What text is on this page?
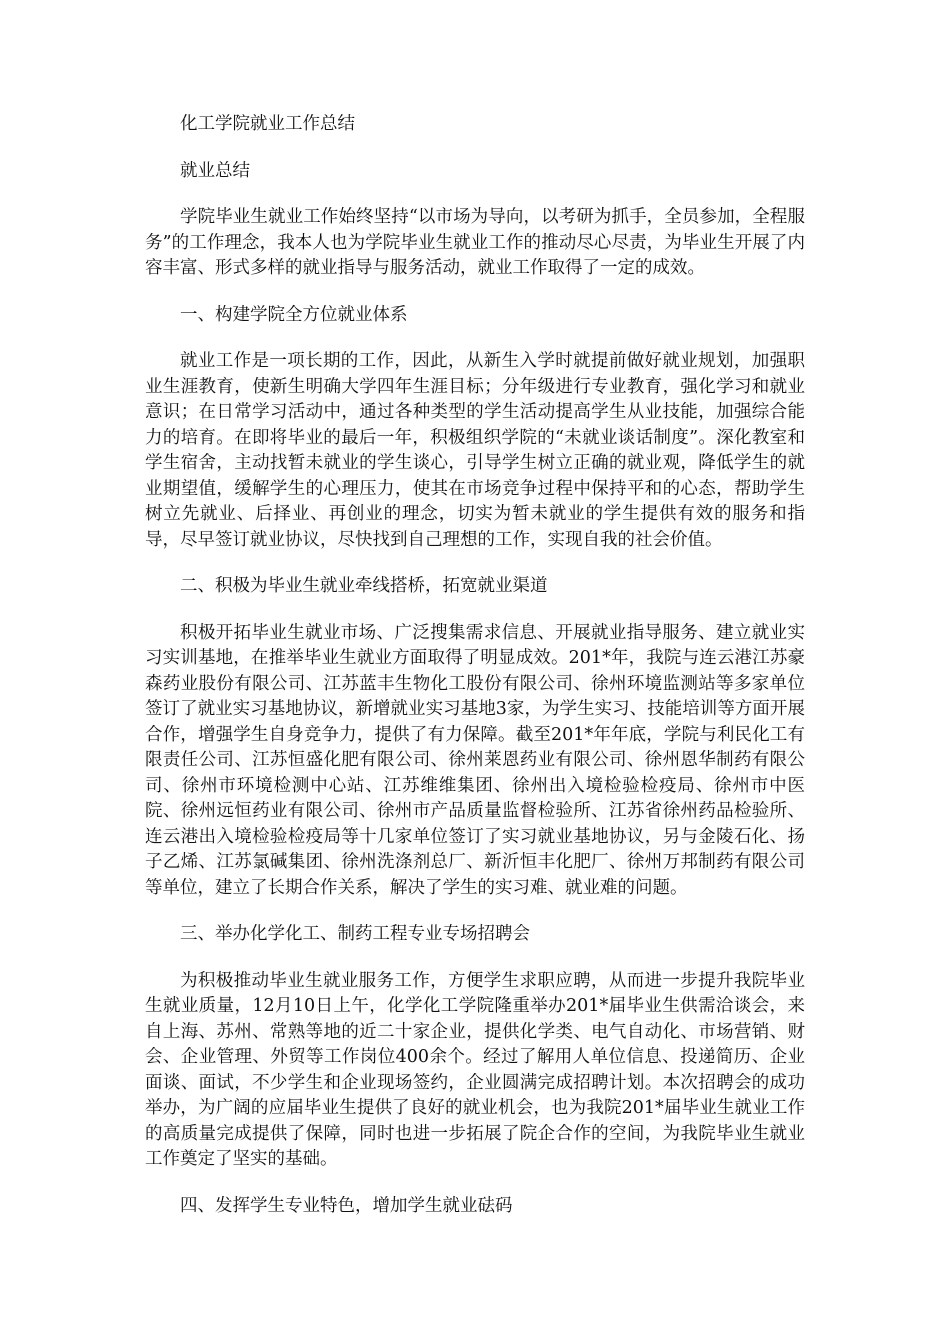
化工学院就业工作总结

就业总结

学院毕业生就业工作始终坚持“以市场为导向，以考研为抓手，全员参加，全程服务”的工作理念，我本人也为学院毕业生就业工作的推动尽心尽责，为毕业生开展了内容丰富、形式多样的就业指导与服务活动，就业工作取得了一定的成效。

一、构建学院全方位就业体系

就业工作是一项长期的工作，因此，从新生入学时就提前做好就业规划，加强职业生涯教育，使新生明确大学四年生涯目标；分年级进行专业教育，强化学习和就业意识；在日常学习活动中，通过各种类型的学生活动提高学生从业技能，加强综合能力的培育。在即将毕业的最后一年，积极组织学院的“未就业谈话制度”。深化教室和学生宿舍，主动找暂未就业的学生谈心，引导学生树立正确的就业观，降低学生的就业期望值，缓解学生的心理压力，使其在市场竞争过程中保持平和的心态，帮助学生树立先就业、后择业、再创业的理念，切实为暂未就业的学生提供有效的服务和指导，尽早签订就业协议，尽快找到自己理想的工作，实现自我的社会价值。

二、积极为毕业生就业牵线搭桥，拓宽就业渠道

积极开拓毕业生就业市场、广泛搜集需求信息、开展就业指导服务、建立就业实习实训基地，在推举毕业生就业方面取得了明显成效。201*年，我院与连云港江苏豪森药业股份有限公司、江苏蓝丰生物化工股份有限公司、徐州环境监测站等多家单位签订了就业实习基地协议，新增就业实习基地3家，为学生实习、技能培训等方面开展合作，增强学生自身竞争力，提供了有力保障。截至201*年年底，学院与利民化工有限责任公司、江苏恒盛化肥有限公司、徐州莱恩药业有限公司、徐州恩华制药有限公司、徐州市环境检测中心站、江苏维维集团、徐州出入境检验检疫局、徐州市中医院、徐州远恒药业有限公司、徐州市产品质量监督检验所、江苏省徐州药品检验所、连云港出入境检验检疫局等十几家单位签订了实习就业基地协议，另与金陵石化、扬子乙烯、江苏氯碱集团、徐州洗涤剂总厂、新沂恒丰化肥厂、徐州万邦制药有限公司等单位，建立了长期合作关系，解决了学生的实习难、就业难的问题。

三、举办化学化工、制药工程专业专场招聘会

为积极推动毕业生就业服务工作，方便学生求职应聘，从而进一步提升我院毕业生就业质量，12月10日上午，化学化工学院隆重举办201*届毕业生供需洽谈会，来自上海、苏州、常熟等地的近二十家企业，提供化学类、电气自动化、市场营销、财会、企业管理、外贸等工作岗位400余个。经过了解用人单位信息、投递简历、企业面谈、面试，不少学生和企业现场签约，企业圆满完成招聘计划。本次招聘会的成功举办，为广阔的应届毕业生提供了良好的就业机会，也为我院201*届毕业生就业工作的高质量完成提供了保障，同时也进一步拓展了院企合作的空间，为我院毕业生就业工作奠定了坚实的基础。

四、发挥学生专业特色，增加学生就业砝码
